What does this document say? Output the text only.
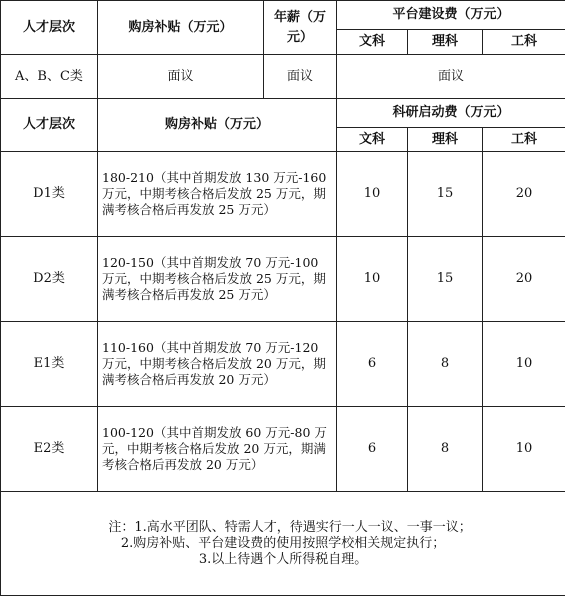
人才层次	购房补贴（万元）	年薪（万元）	平台建设费（万元）		
			文科	理科	工科
A、B、C类	面议	面议	面议		
人才层次	购房补贴（万元）		科研启动费（万元）		
			文科	理科	工科
D1类	180-210（其中首期发放 130 万元-160 万元，中期考核合格后发放 25 万元，期满考核合格后再发放 25 万元）		10	15	20
D2类	120-150（其中首期发放 70 万元-100 万元，中期考核合格后发放 25 万元，期满考核合格后再发放 25 万元）		10	15	20
E1类	110-160（其中首期发放 70 万元-120 万元，中期考核合格后发放 20 万元，期满考核合格后再发放 20 万元）		6	8	10
E2类	100-120（其中首期发放 60 万元-80 万元，中期考核合格后发放 20 万元，期满考核合格后再发放 20 万元）		6	8	10

注：1.高水平团队、特需人才，待遇实行一人一议、一事一议；
2.购房补贴、平台建设费的使用按照学校相关规定执行；
3.以上待遇个人所得税自理。					
